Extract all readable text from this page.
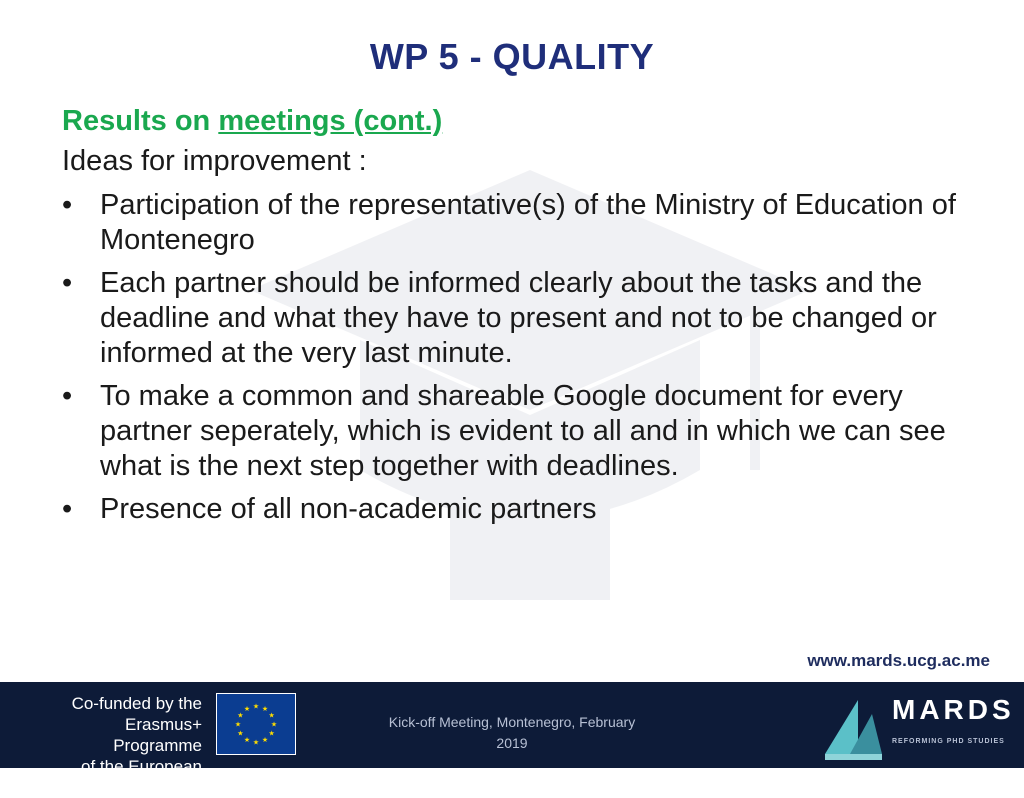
WP 5 - QUALITY
Results on meetings (cont.)
Ideas for improvement :
• Participation of the representative(s) of the Ministry of Education of Montenegro
• Each partner should be informed clearly about the tasks and the deadline and what they have to present and not to be changed or informed at the very last minute.
• To make a common and shareable Google document for every partner seperately, which is evident to all and in which we can see what is the next step together with deadlines.
• Presence of all non-academic partners
www.mards.ucg.ac.me
Co-funded by the
Erasmus+ Programme
of the European Union
★ ★
★
★
★
★
★
★
★
★
★
★
Kick-off Meeting, Montenegro, February
2019
MARDS
REFORMING PHD STUDIES
